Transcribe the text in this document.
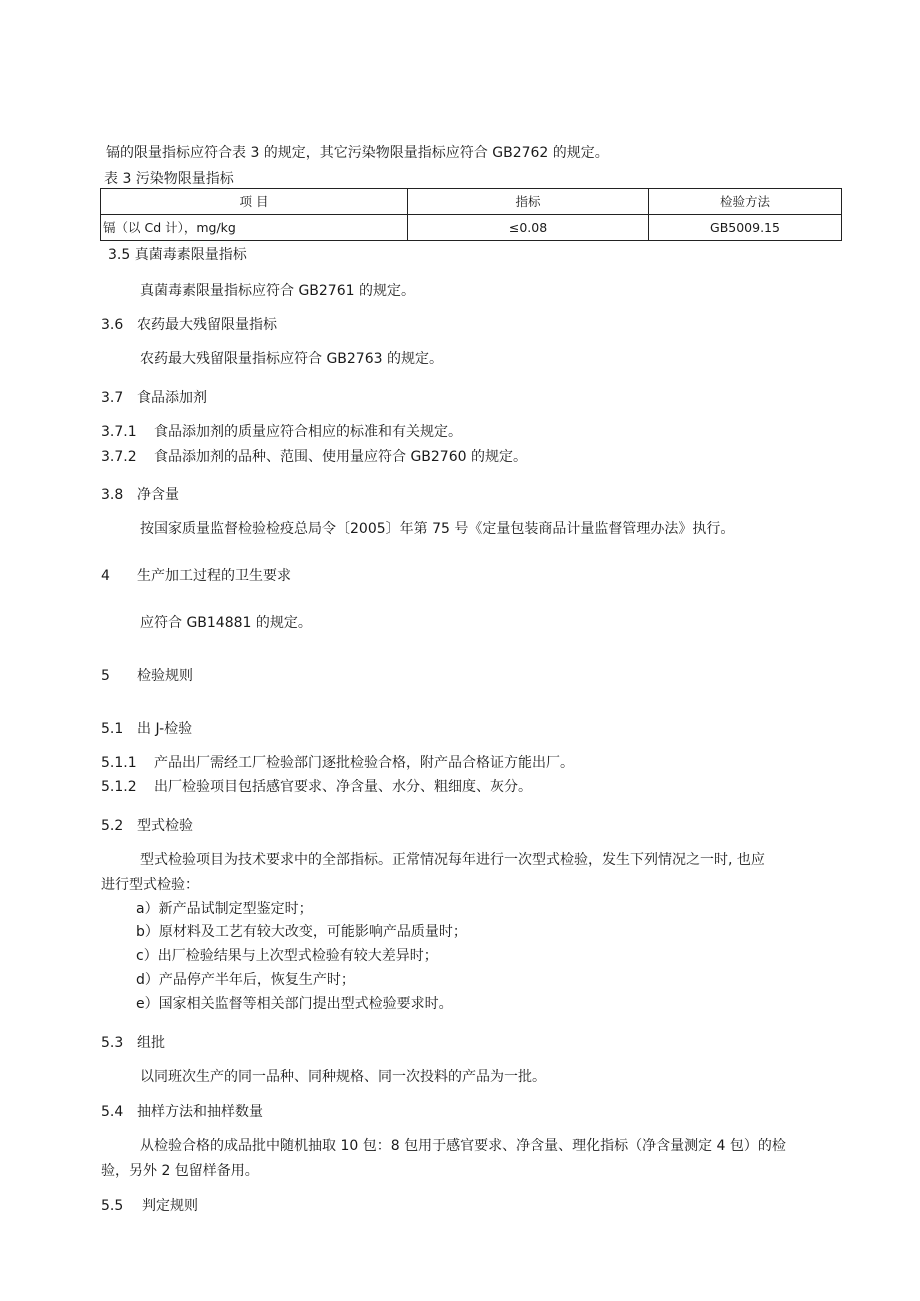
镉的限量指标应符合表 3 的规定，其它污染物限量指标应符合 GB2762 的规定。
表 3 污染物限量指标
项 目	指标	检验方法
镉（以 Cd 计），mg/kg	≤0.08	GB5009.15
3.5 真菌毒素限量指标
真菌毒素限量指标应符合 GB2761 的规定。
3.6 农药最大残留限量指标
农药最大残留限量指标应符合 GB2763 的规定。
3.7 食品添加剂
3.7.1 食品添加剂的质量应符合相应的标准和有关规定。
3.7.2 食品添加剂的品种、范围、使用量应符合 GB2760 的规定。
3.8 净含量
按国家质量监督检验检疫总局令〔2005〕年第 75 号《定量包装商品计量监督管理办法》执行。
4 生产加工过程的卫生要求
应符合 GB14881 的规定。
5 检验规则
5.1 出 J-检验
5.1.1 产品出厂需经工厂检验部门逐批检验合格，附产品合格证方能出厂。
5.1.2 出厂检验项目包括感官要求、净含量、水分、粗细度、灰分。
5.2 型式检验
型式检验项目为技术要求中的全部指标。正常情况每年进行一次型式检验，发生下列情况之一时, 也应
进行型式检验：
a）新产品试制定型鉴定时；
b）原材料及工艺有较大改变，可能影响产品质量时；
c）出厂检验结果与上次型式检验有较大差异时；
d）产品停产半年后，恢复生产时；
e）国家相关监督等相关部门提出型式检验要求时。
5.3 组批
以同班次生产的同一品种、同种规格、同一次投料的产品为一批。
5.4 抽样方法和抽样数量
从检验合格的成品批中随机抽取 10 包：8 包用于感官要求、净含量、理化指标（净含量测定 4 包）的检
验，另外 2 包留样备用。
5.5 判定规则
